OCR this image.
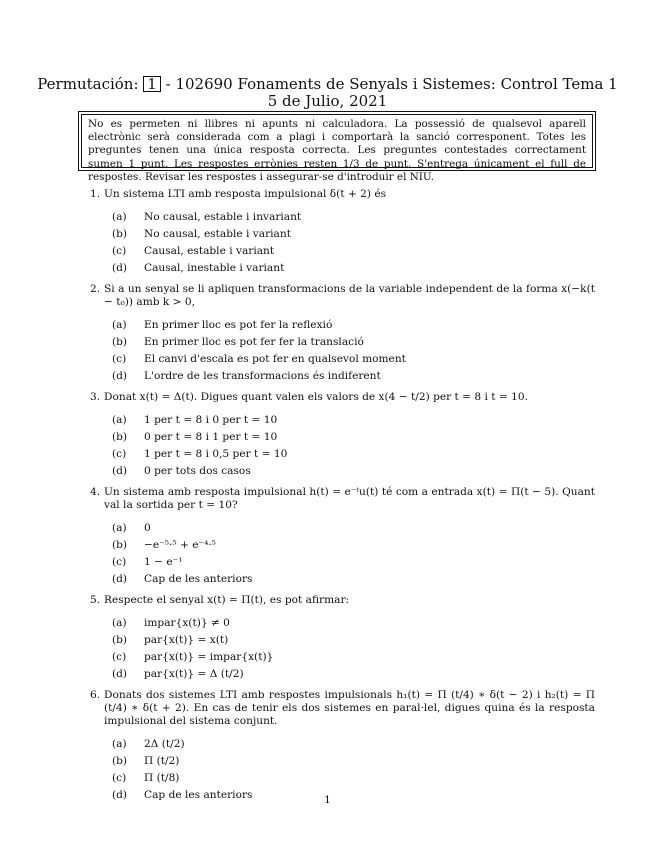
Permutación: 1 - 102690 Fonaments de Senyals i Sistemes: Control Tema 1
5 de Julio, 2021
No es permeten ni llibres ni apunts ni calculadora. La possessió de qualsevol aparell electrònic serà considerada com a plagi i comportarà la sanció corresponent. Totes les preguntes tenen una única resposta correcta. Les preguntes contestades correctament sumen 1 punt. Les respostes errònies resten 1/3 de punt. S'entrega únicament el full de respostes. Revisar les respostes i assegurar-se d'introduir el NIU.
1. Un sistema LTI amb resposta impulsional δ(t + 2) és
(a)	No causal, estable i invariant
(b)	No causal, estable i variant
(c)	Causal, estable i variant
(d)	Causal, inestable i variant
2. Si a un senyal se li apliquen transformacions de la variable independent de la forma x(−k(t − t₀)) amb k > 0,
(a)	En primer lloc es pot fer la reflexió
(b)	En primer lloc es pot fer fer la translació
(c)	El canvi d'escala es pot fer en qualsevol moment
(d)	L'ordre de les transformacions és indiferent
3. Donat x(t) = Δ(t). Digues quant valen els valors de x(4 − t/2) per t = 8 i t = 10.
(a)	1 per t = 8 i 0 per t = 10
(b)	0 per t = 8 i 1 per t = 10
(c)	1 per t = 8 i 0,5 per t = 10
(d)	0 per tots dos casos
4. Un sistema amb resposta impulsional h(t) = e⁻ᵗu(t) té com a entrada x(t) = Π(t − 5). Quant val la sortida per t = 10?
(a)	0
(b)	−e⁻⁵·⁵ + e⁻⁴·⁵
(c)	1 − e⁻¹
(d)	Cap de les anteriors
5. Respecte el senyal x(t) = Π(t), es pot afirmar:
(a)	impar{x(t)} ≠ 0
(b)	par{x(t)} = x(t)
(c)	par{x(t)} = impar{x(t)}
(d)	par{x(t)} = Δ (t/2)
6. Donats dos sistemes LTI amb respostes impulsionals h₁(t) = Π (t/4) ∗ δ(t − 2) i h₂(t) = Π (t/4) ∗ δ(t + 2). En cas de tenir els dos sistemes en paral·lel, digues quina és la resposta impulsional del sistema conjunt.
(a)	2Δ (t/2)
(b)	Π (t/2)
(c)	Π (t/8)
(d)	Cap de les anteriors	1
